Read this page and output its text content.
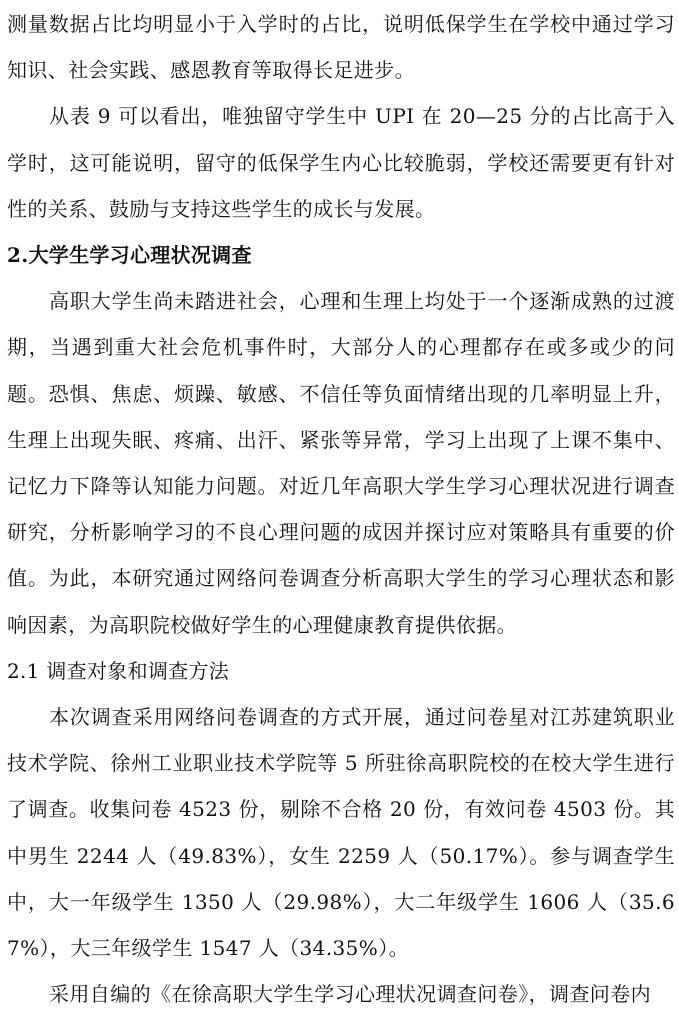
测量数据占比均明显小于入学时的占比，说明低保学生在学校中通过学习知识、社会实践、感恩教育等取得长足进步。

从表 9 可以看出，唯独留守学生中 UPI 在 20—25 分的占比高于入学时，这可能说明，留守的低保学生内心比较脆弱，学校还需要更有针对性的关系、鼓励与支持这些学生的成长与发展。

2.大学生学习心理状况调查

高职大学生尚未踏进社会，心理和生理上均处于一个逐渐成熟的过渡期，当遇到重大社会危机事件时，大部分人的心理都存在或多或少的问题。恐惧、焦虑、烦躁、敏感、不信任等负面情绪出现的几率明显上升，生理上出现失眠、疼痛、出汗、紧张等异常，学习上出现了上课不集中、记忆力下降等认知能力问题。对近几年高职大学生学习心理状况进行调查研究，分析影响学习的不良心理问题的成因并探讨应对策略具有重要的价值。为此，本研究通过网络问卷调查分析高职大学生的学习心理状态和影响因素，为高职院校做好学生的心理健康教育提供依据。

2.1 调查对象和调查方法

本次调查采用网络问卷调查的方式开展，通过问卷星对江苏建筑职业技术学院、徐州工业职业技术学院等 5 所驻徐高职院校的在校大学生进行了调查。收集问卷 4523 份，剔除不合格 20 份，有效问卷 4503 份。其中男生 2244 人（49.83%），女生 2259 人（50.17%）。参与调查学生中，大一年级学生 1350 人（29.98%），大二年级学生 1606 人（35.67%），大三年级学生 1547 人（34.35%）。

采用自编的《在徐高职大学生学习心理状况调查问卷》，调查问卷内
